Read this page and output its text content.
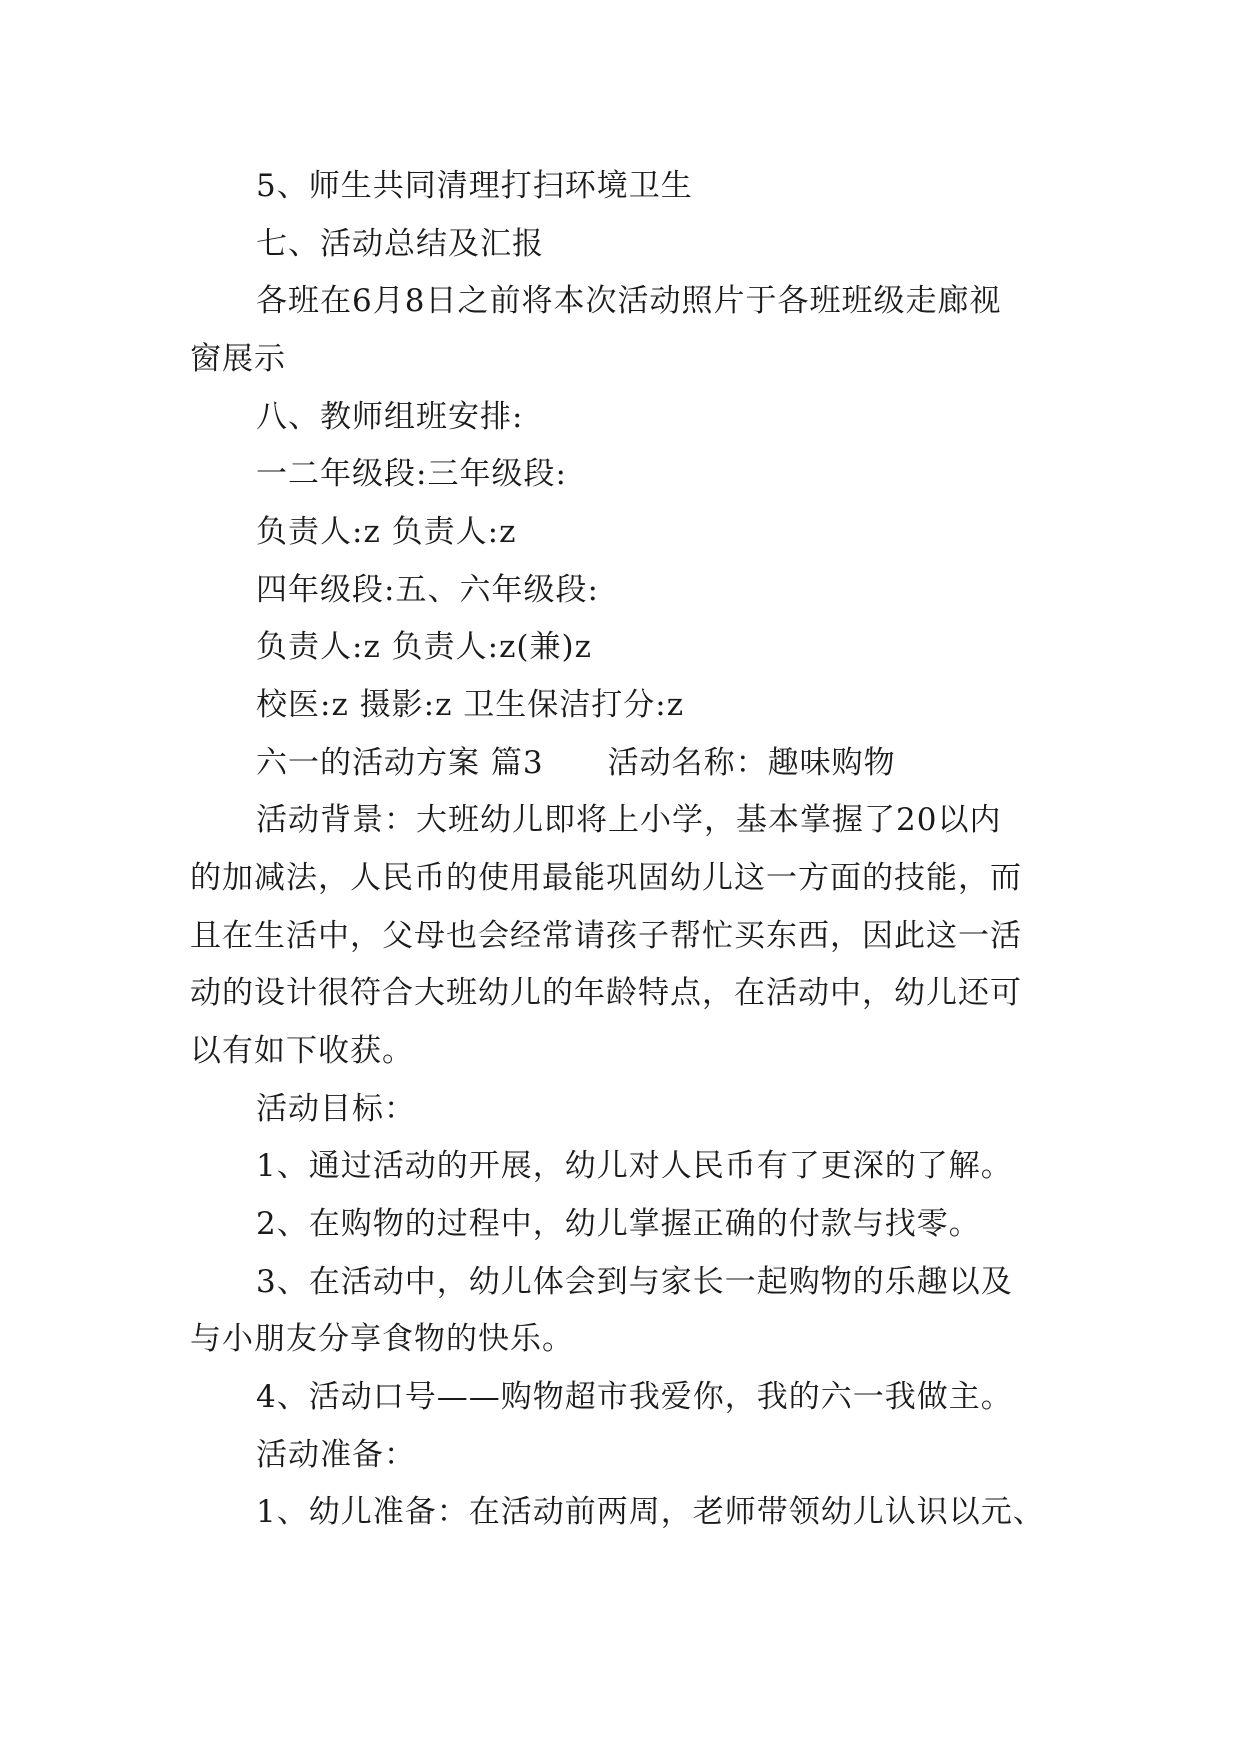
5、师生共同清理打扫环境卫生
七、活动总结及汇报
各班在6月8日之前将本次活动照片于各班班级走廊视
窗展示
八、教师组班安排:
一二年级段:三年级段:
负责人:z 负责人:z
四年级段:五、六年级段:
负责人:z 负责人:z(兼)z
校医:z 摄影:z 卫生保洁打分:z
六一的活动方案 篇3　　活动名称：趣味购物
活动背景：大班幼儿即将上小学，基本掌握了20以内
的加减法，人民币的使用最能巩固幼儿这一方面的技能，而
且在生活中，父母也会经常请孩子帮忙买东西，因此这一活
动的设计很符合大班幼儿的年龄特点，在活动中，幼儿还可
以有如下收获。
活动目标：
1、通过活动的开展，幼儿对人民币有了更深的了解。
2、在购物的过程中，幼儿掌握正确的付款与找零。
3、在活动中，幼儿体会到与家长一起购物的乐趣以及
与小朋友分享食物的快乐。
4、活动口号——购物超市我爱你，我的六一我做主。
活动准备：
1、幼儿准备：在活动前两周，老师带领幼儿认识以元、
